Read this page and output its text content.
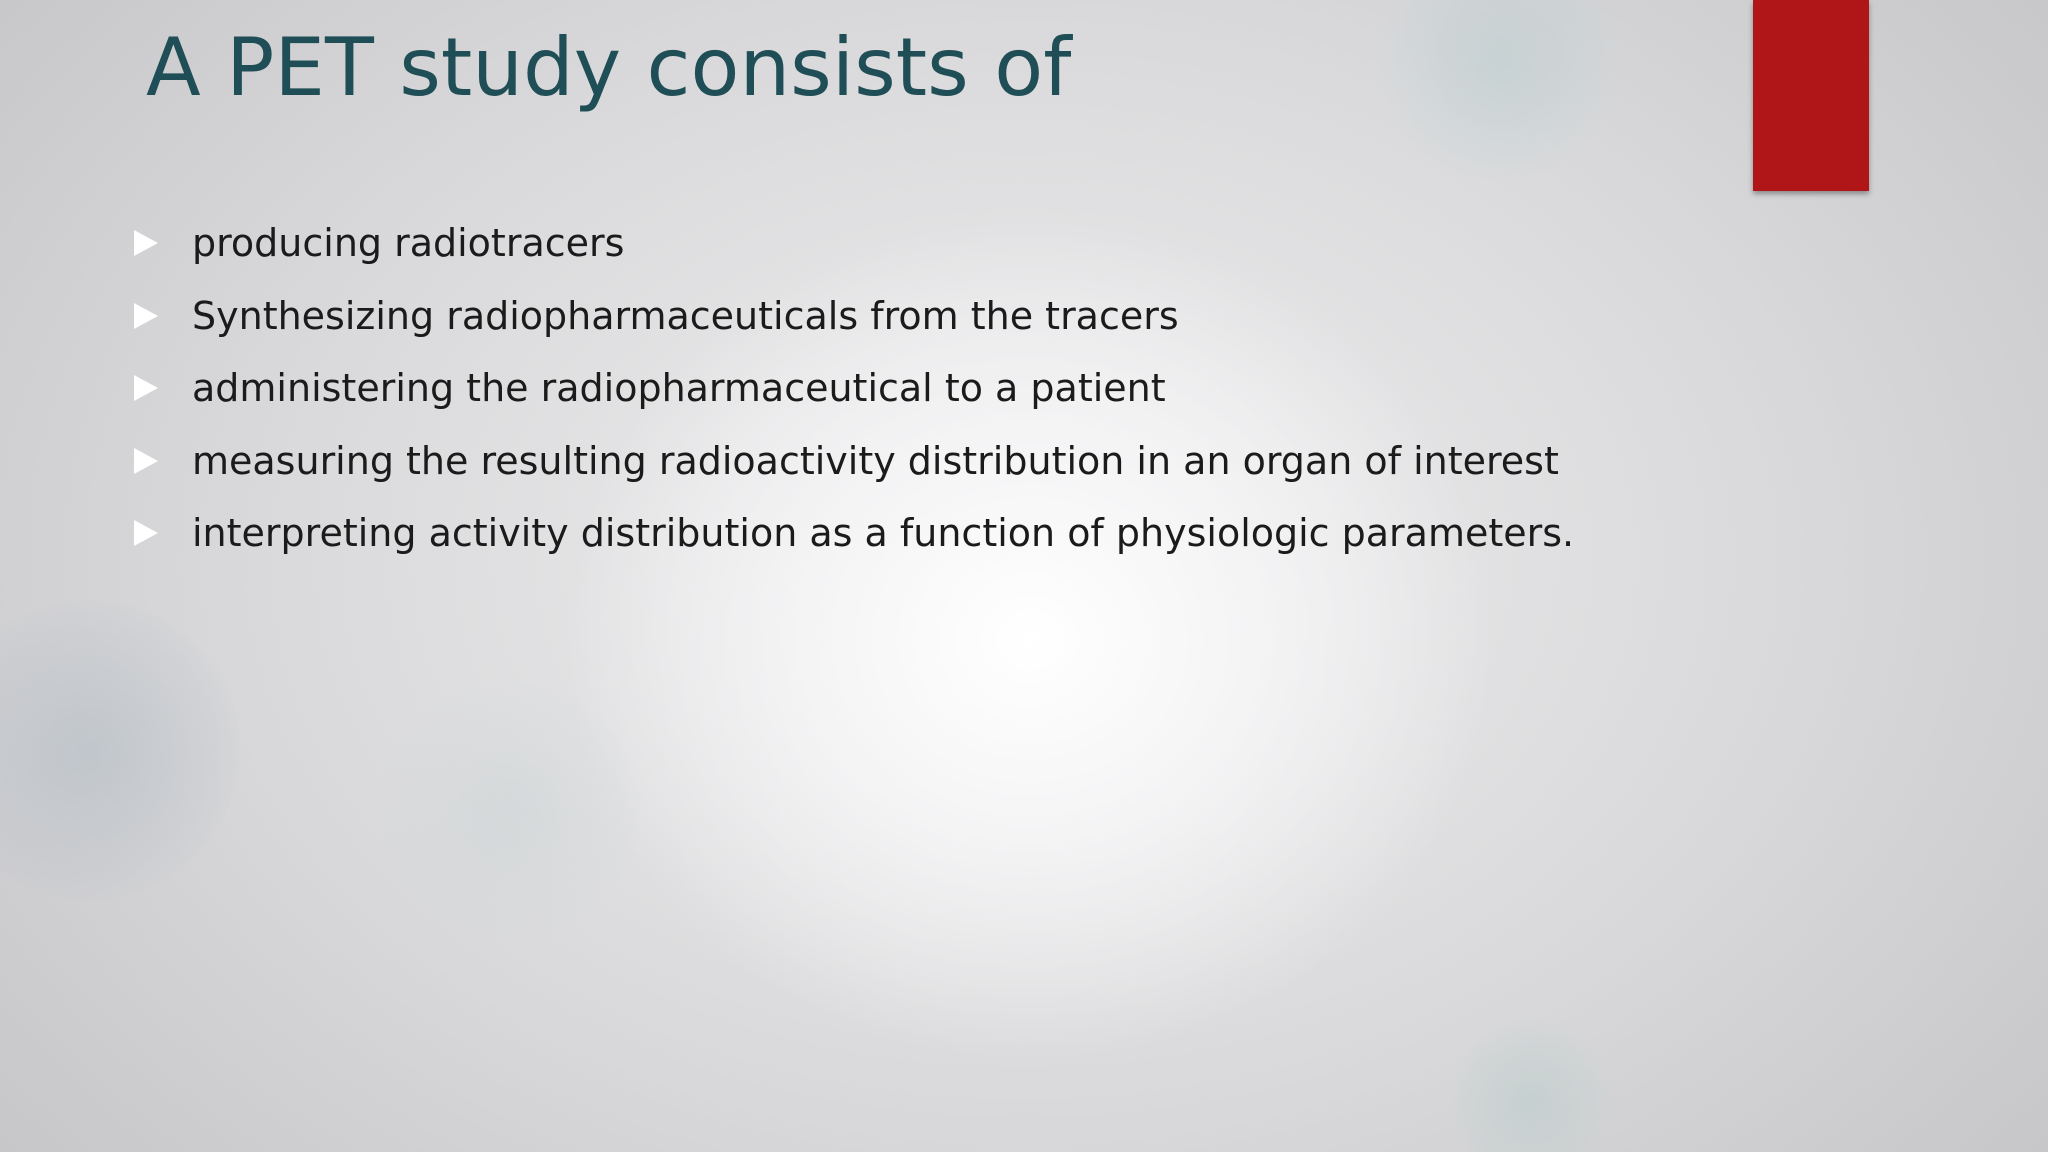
A PET study consists of
producing radiotracers
Synthesizing radiopharmaceuticals from the tracers
administering the radiopharmaceutical to a patient
measuring the resulting radioactivity distribution in an organ of interest
interpreting activity distribution as a function of physiologic parameters.
